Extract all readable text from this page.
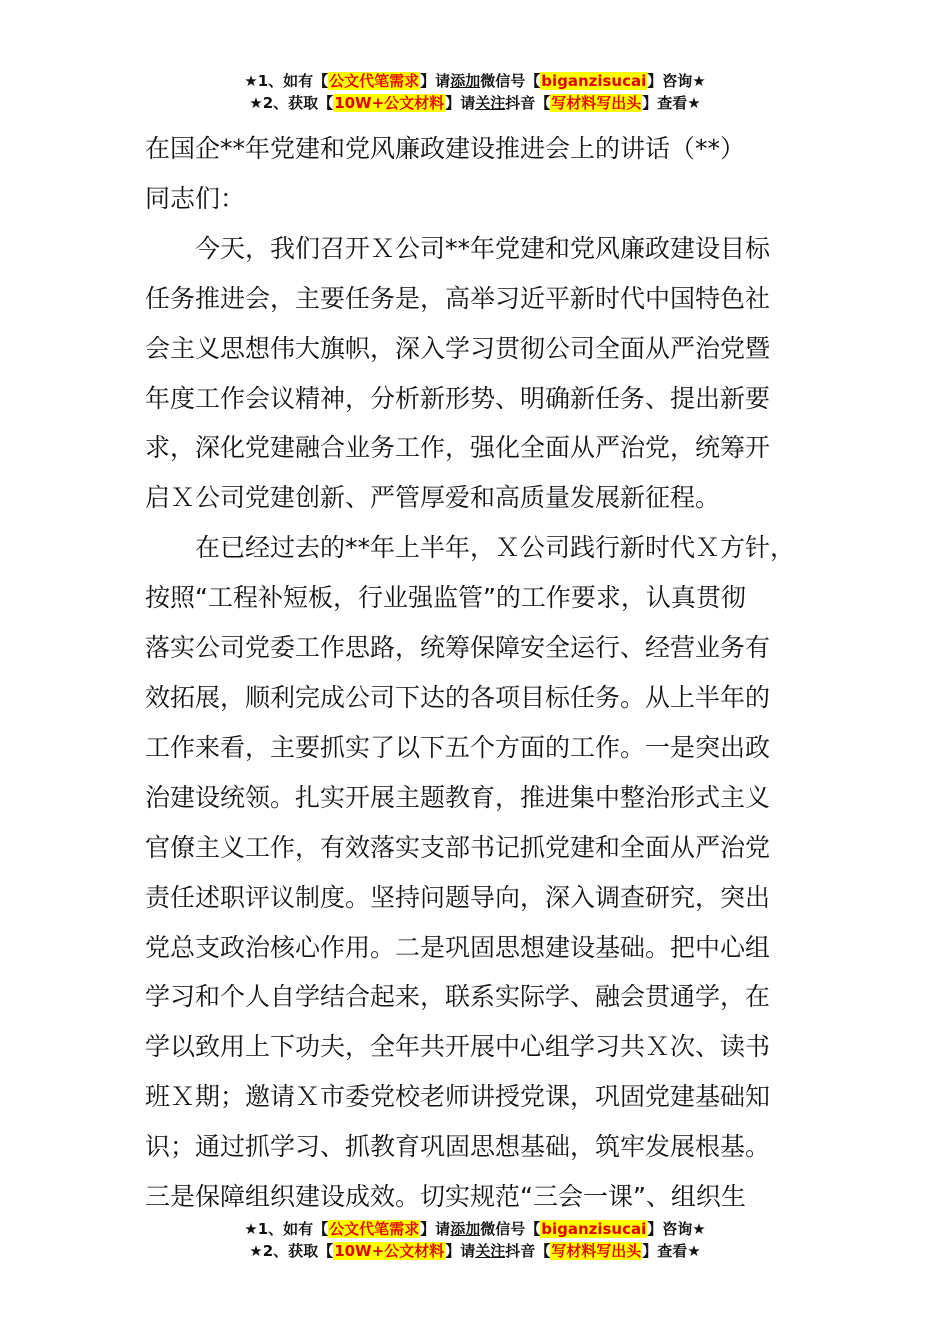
★1、如有【公文代笔需求】请添加微信号【biganzisucai】咨询★
★2、获取【10W+公文材料】请关注抖音【写材料写出头】查看★

在国企**年党建和党风廉政建设推进会上的讲话（**）

同志们：

今天，我们召开Ｘ公司**年党建和党风廉政建设目标
任务推进会，主要任务是，高举习近平新时代中国特色社
会主义思想伟大旗帜，深入学习贯彻公司全面从严治党暨
年度工作会议精神，分析新形势、明确新任务、提出新要
求，深化党建融合业务工作，强化全面从严治党，统筹开
启Ｘ公司党建创新、严管厚爱和高质量发展新征程。

在已经过去的**年上半年，Ｘ公司践行新时代Ｘ方针，
按照“工程补短板，行业强监管”的工作要求，认真贯彻
落实公司党委工作思路，统筹保障安全运行、经营业务有
效拓展，顺利完成公司下达的各项目标任务。从上半年的
工作来看，主要抓实了以下五个方面的工作。一是突出政
治建设统领。扎实开展主题教育，推进集中整治形式主义
官僚主义工作，有效落实支部书记抓党建和全面从严治党
责任述职评议制度。坚持问题导向，深入调查研究，突出
党总支政治核心作用。二是巩固思想建设基础。把中心组
学习和个人自学结合起来，联系实际学、融会贯通学，在
学以致用上下功夫，全年共开展中心组学习共Ｘ次、读书
班Ｘ期；邀请Ｘ市委党校老师讲授党课，巩固党建基础知
识；通过抓学习、抓教育巩固思想基础，筑牢发展根基。
三是保障组织建设成效。切实规范“三会一课”、组织生

★1、如有【公文代笔需求】请添加微信号【biganzisucai】咨询★
★2、获取【10W+公文材料】请关注抖音【写材料写出头】查看★
